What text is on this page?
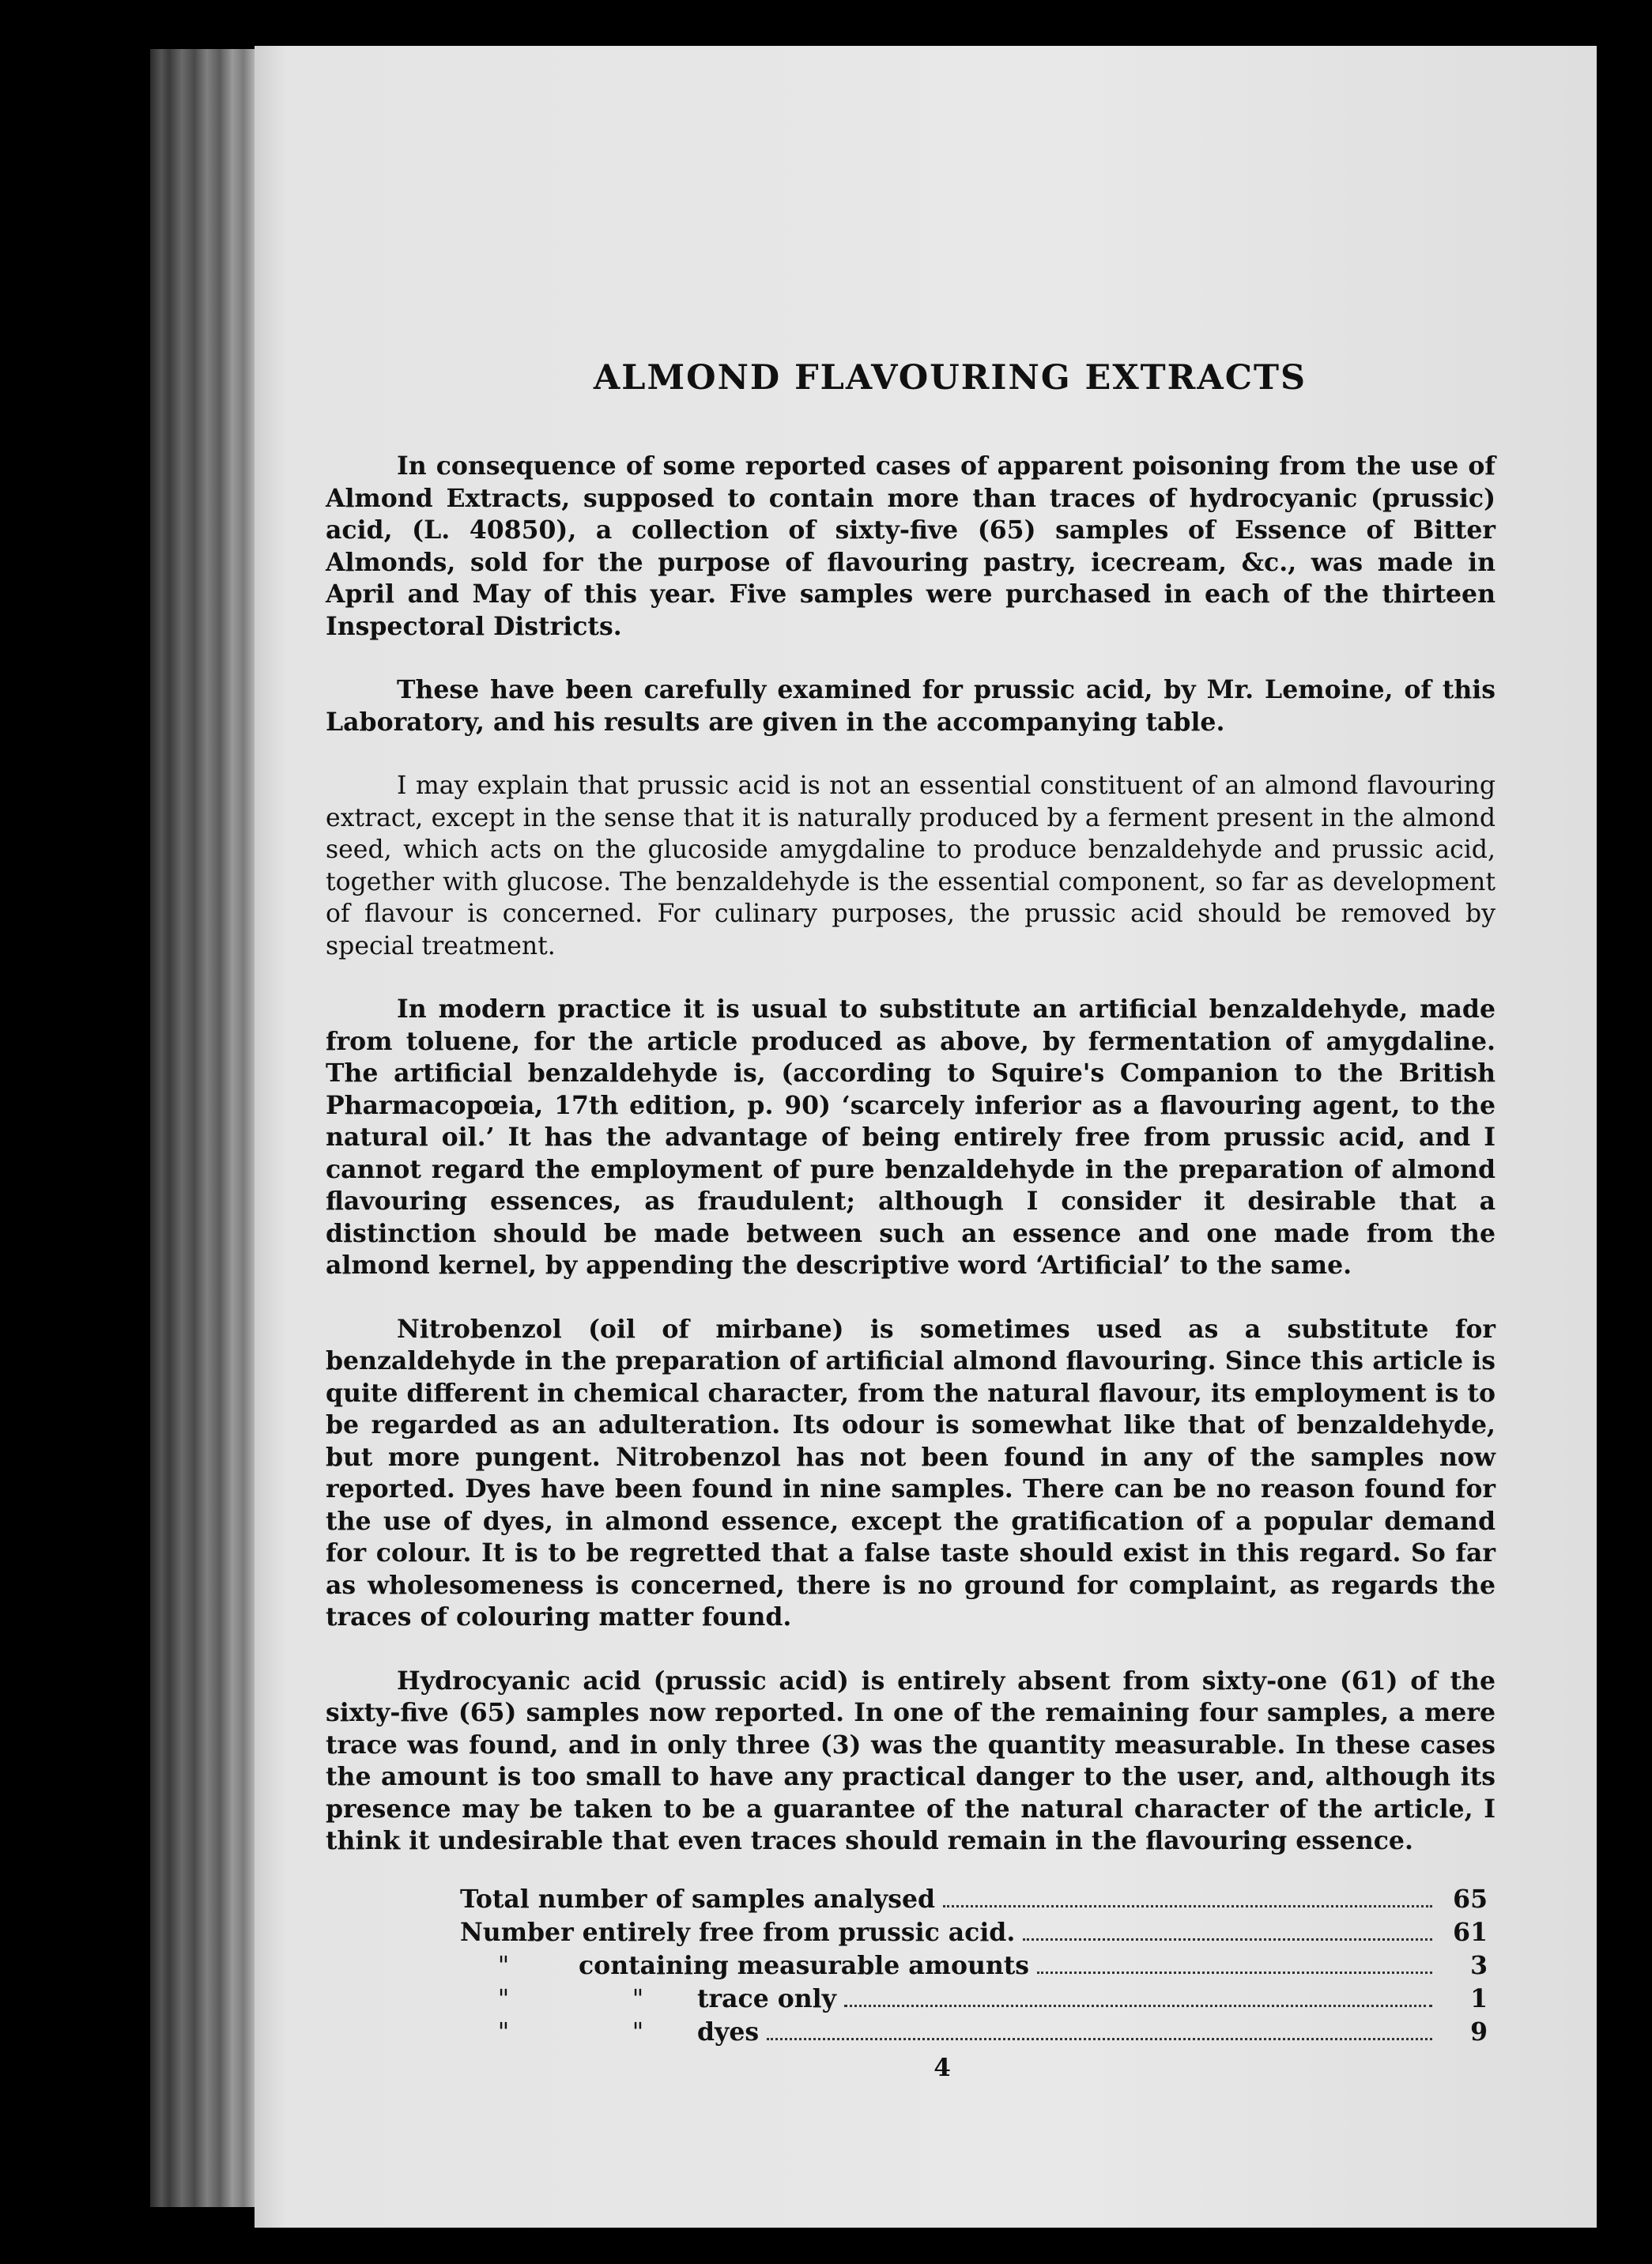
ALMOND FLAVOURING EXTRACTS

In consequence of some reported cases of apparent poisoning from the use of Almond Extracts, supposed to contain more than traces of hydrocyanic (prussic) acid, (L. 40850), a collection of sixty-five (65) samples of Essence of Bitter Almonds, sold for the purpose of flavouring pastry, icecream, &c., was made in April and May of this year. Five samples were purchased in each of the thirteen Inspectoral Districts.

These have been carefully examined for prussic acid, by Mr. Lemoine, of this Laboratory, and his results are given in the accompanying table.

I may explain that prussic acid is not an essential constituent of an almond flavouring extract, except in the sense that it is naturally produced by a ferment present in the almond seed, which acts on the glucoside amygdaline to produce benzaldehyde and prussic acid, together with glucose. The benzaldehyde is the essential component, so far as development of flavour is concerned. For culinary purposes, the prussic acid should be removed by special treatment.

In modern practice it is usual to substitute an artificial benzaldehyde, made from toluene, for the article produced as above, by fermentation of amygdaline. The artificial benzaldehyde is, (according to Squire's Companion to the British Pharmacopœia, 17th edition, p. 90) ‘scarcely inferior as a flavouring agent, to the natural oil.’ It has the advantage of being entirely free from prussic acid, and I cannot regard the employment of pure benzaldehyde in the preparation of almond flavouring essences, as fraudulent; although I consider it desirable that a distinction should be made between such an essence and one made from the almond kernel, by appending the descriptive word ‘Artificial’ to the same.

Nitrobenzol (oil of mirbane) is sometimes used as a substitute for benzaldehyde in the preparation of artificial almond flavouring. Since this article is quite different in chemical character, from the natural flavour, its employment is to be regarded as an adulteration. Its odour is somewhat like that of benzaldehyde, but more pungent. Nitrobenzol has not been found in any of the samples now reported. Dyes have been found in nine samples. There can be no reason found for the use of dyes, in almond essence, except the gratification of a popular demand for colour. It is to be regretted that a false taste should exist in this regard. So far as wholesomeness is concerned, there is no ground for complaint, as regards the traces of colouring matter found.

Hydrocyanic acid (prussic acid) is entirely absent from sixty-one (61) of the sixty-five (65) samples now reported. In one of the remaining four samples, a mere trace was found, and in only three (3) was the quantity measurable. In these cases the amount is too small to have any practical danger to the user, and, although its presence may be taken to be a guarantee of the natural character of the article, I think it undesirable that even traces should remain in the flavouring essence.

Total number of samples analysed	65
Number entirely free from prussic acid.	61
"	containing measurable amounts	3
"	" trace only	1
"	" dyes	9
4
